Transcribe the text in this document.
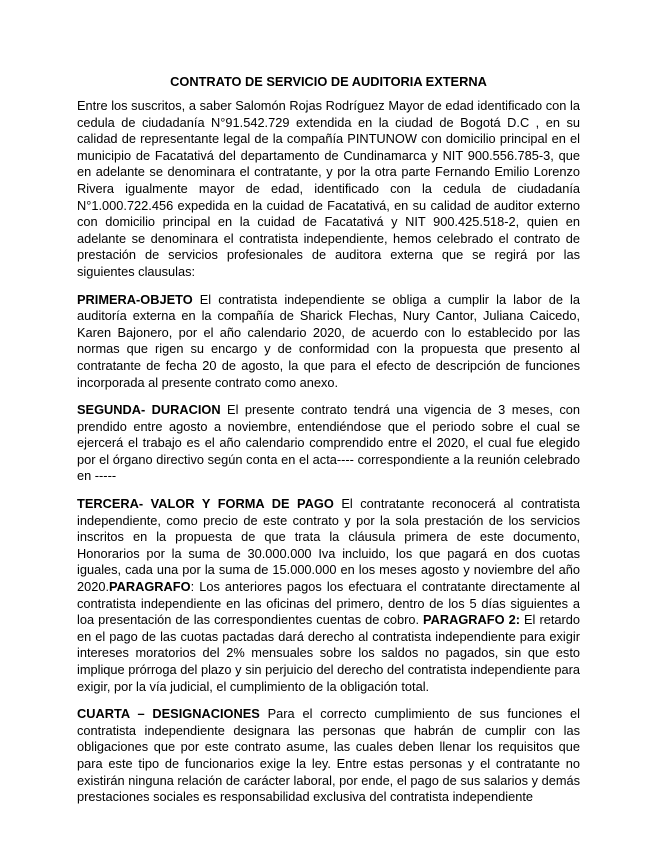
CONTRATO DE SERVICIO DE AUDITORIA EXTERNA

Entre los suscritos, a saber Salomón Rojas Rodríguez Mayor de edad identificado con la cedula de ciudadanía N°91.542.729 extendida en la ciudad de Bogotá D.C , en su calidad de representante legal de la compañía PINTUNOW con domicilio principal en el municipio de Facatativá del departamento de Cundinamarca y NIT 900.556.785-3, que en adelante se denominara el contratante, y por la otra parte Fernando Emilio Lorenzo Rivera igualmente mayor de edad, identificado con la cedula de ciudadanía N°1.000.722.456 expedida en la cuidad de Facatativá, en su calidad de auditor externo con domicilio principal en la cuidad de Facatativá y NIT 900.425.518-2, quien en adelante se denominara el contratista independiente, hemos celebrado el contrato de prestación de servicios profesionales de auditora externa que se regirá por las siguientes clausulas:

PRIMERA-OBJETO El contratista independiente se obliga a cumplir la labor de la auditoría externa en la compañía de Sharick Flechas, Nury Cantor, Juliana Caicedo, Karen Bajonero, por el año calendario 2020, de acuerdo con lo establecido por las normas que rigen su encargo y de conformidad con la propuesta que presento al contratante de fecha 20 de agosto, la que para el efecto de descripción de funciones incorporada al presente contrato como anexo.

SEGUNDA- DURACION El presente contrato tendrá una vigencia de 3 meses, con prendido entre agosto a noviembre, entendiéndose que el periodo sobre el cual se ejercerá el trabajo es el año calendario comprendido entre el 2020, el cual fue elegido por el órgano directivo según conta en el acta---- correspondiente a la reunión celebrado en -----

TERCERA- VALOR Y FORMA DE PAGO El contratante reconocerá al contratista independiente, como precio de este contrato y por la sola prestación de los servicios inscritos en la propuesta de que trata la cláusula primera de este documento, Honorarios por la suma de 30.000.000 Iva incluido, los que pagará en dos cuotas iguales, cada una por la suma de 15.000.000 en los meses agosto y noviembre del año 2020.PARAGRAFO: Los anteriores pagos los efectuara el contratante directamente al contratista independiente en las oficinas del primero, dentro de los 5 días siguientes a loa presentación de las correspondientes cuentas de cobro. PARAGRAFO 2: El retardo en el pago de las cuotas pactadas dará derecho al contratista independiente para exigir intereses moratorios del 2% mensuales sobre los saldos no pagados, sin que esto implique prórroga del plazo y sin perjuicio del derecho del contratista independiente para exigir, por la vía judicial, el cumplimiento de la obligación total.

CUARTA – DESIGNACIONES Para el correcto cumplimiento de sus funciones el contratista independiente designara las personas que habrán de cumplir con las obligaciones que por este contrato asume, las cuales deben llenar los requisitos que para este tipo de funcionarios exige la ley. Entre estas personas y el contratante no existirán ninguna relación de carácter laboral, por ende, el pago de sus salarios y demás prestaciones sociales es responsabilidad exclusiva del contratista independiente
